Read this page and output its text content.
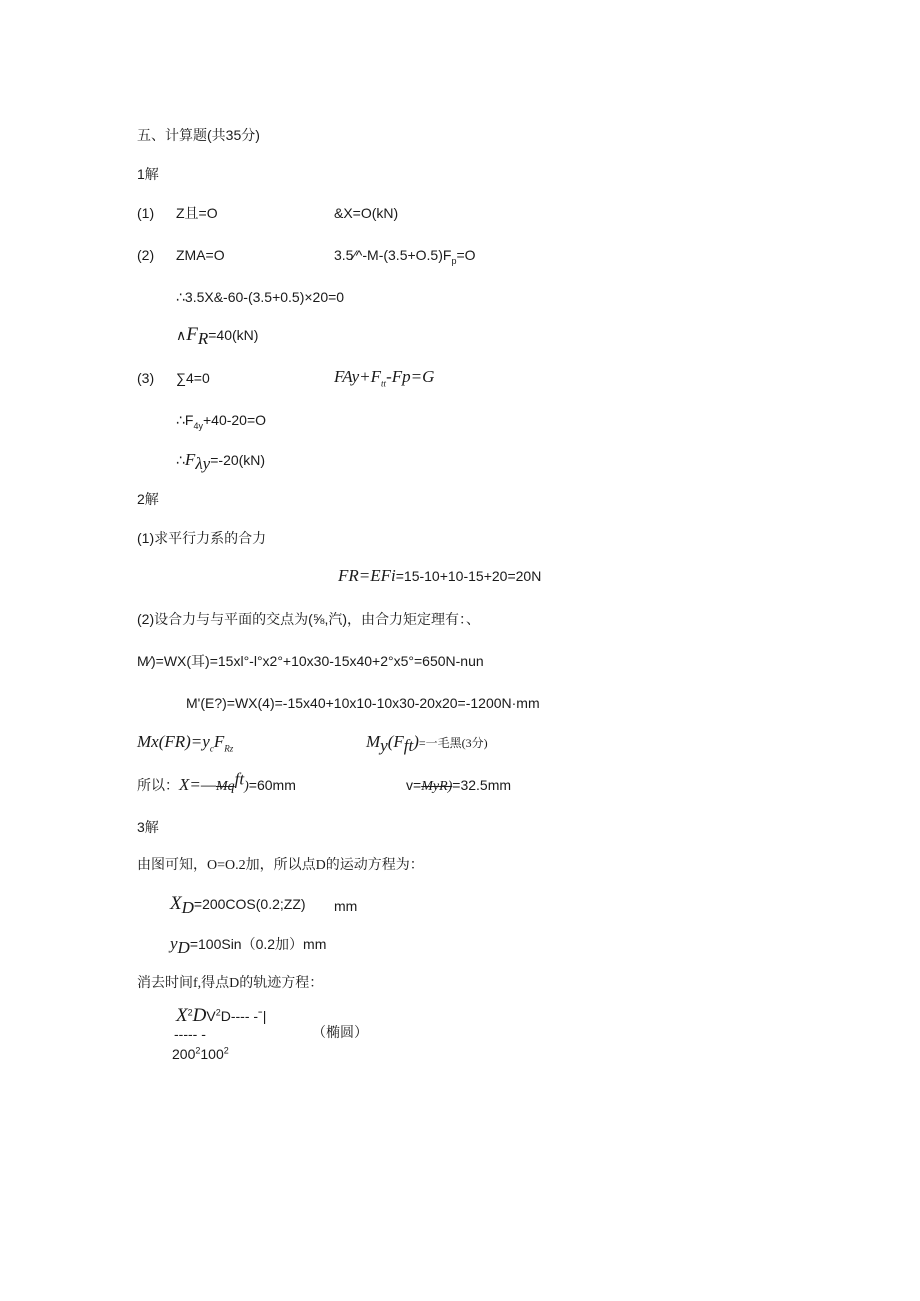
五、计算题(共35分)
1解
(1) Z且=O	&X=O(kN)
(2) ZMA=O	$3.5⁄\^{}-M-(3.5+O.5)F_p=O$
∴3.5X&-60-(3.5+0.5)×20=0
$\wedge F_R=40(kN)$
(3) ∑4=0	$FAy+F_{tt}-Fp=G$
$\therefore F_{4y}+40-20=O$
$\therefore F_{\lambda y}=-20(kN)$
2解
(1)求平行力系的合力
FR=EFi=15-10+10-15+20=20N
(2)设合力与与平面的交点为(⅝,汽)，由合力矩定理有：、
M⁄)=WX(耳)=15xl°-l°x2°+10x30-15x40+2°x5°=650N-nun
M'(E?)=WX(4)=-15x40+10x10-10x30-20x20=-1200N·mm
$Mx(FR)=y_cF_{Rz}$	$M_y(F_{ft})=$一毛黑(3分)
所以：$X=—Mq^{ft})=60mm$	v=MyR)=32.5mm
3解
由图可知，O=O.2加，所以点D的运动方程为：
$X_D=200COS(0.2;ZZ)$ mm
$y_D=100Sin(0.2$加）mm
消去时间f,得点D的轨迹方程：
$X^2DV^2D----$ -ˉ|
----- -	（椭圆）
$200^2100^2$
